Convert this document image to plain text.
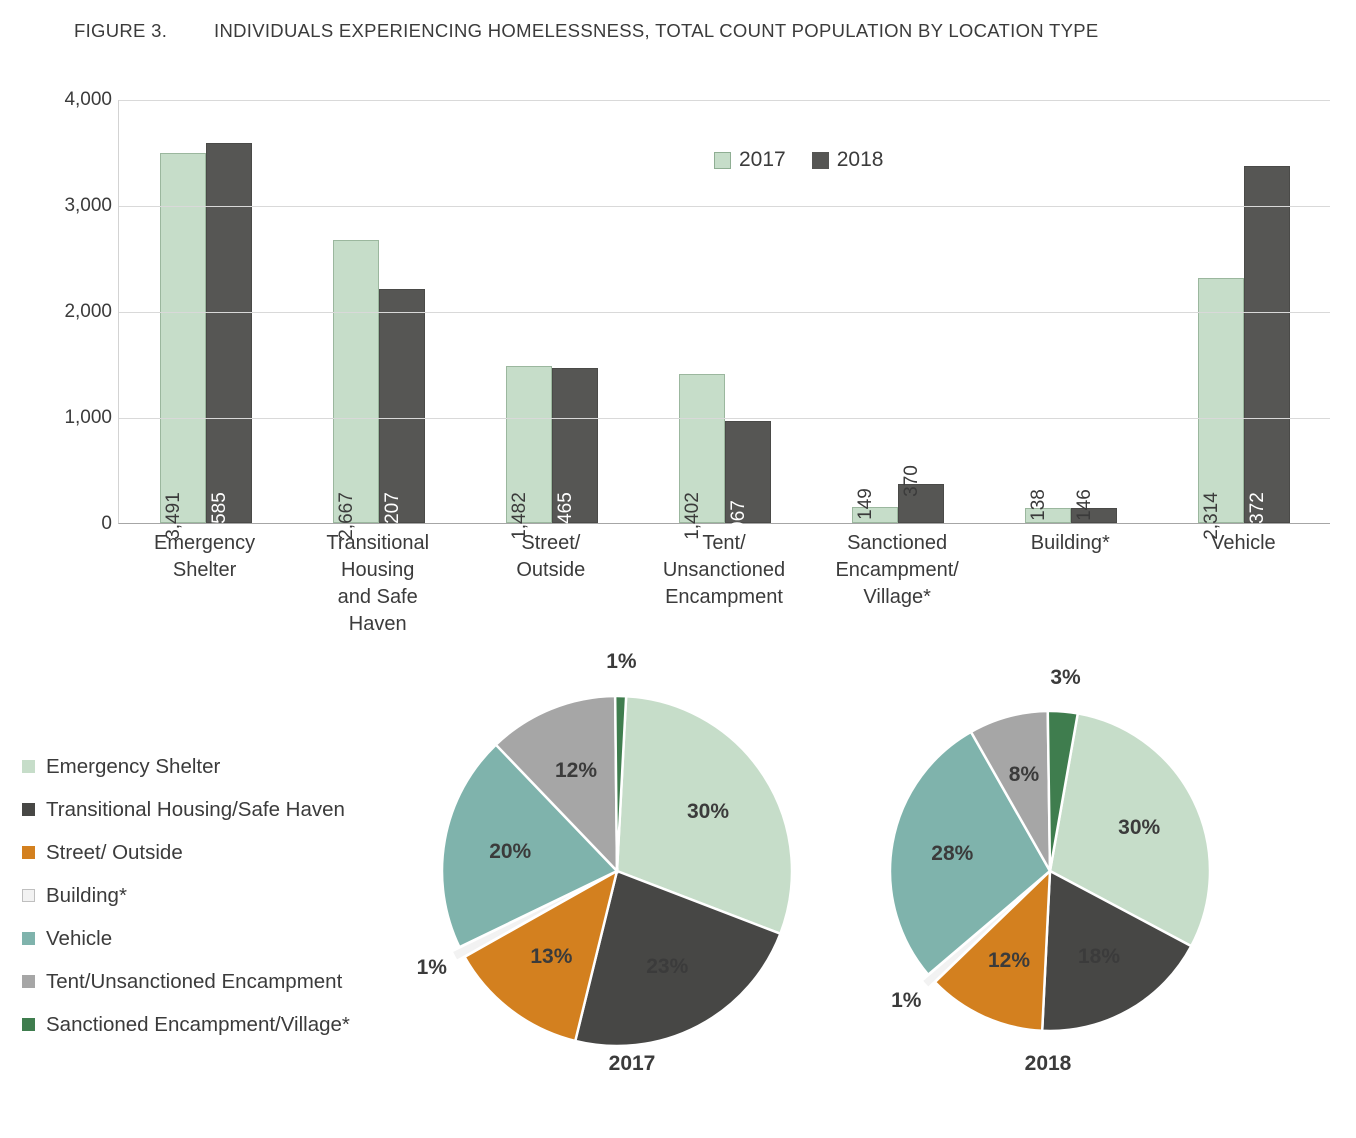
FIGURE 3.	INDIVIDUALS EXPERIENCING HOMELESSNESS, TOTAL COUNT POPULATION BY LOCATION TYPE
0
1,000
2,000
3,000
4,000
2017 2018
3,491 3,585	2,667 2,207	1,482 1,465	1,402 967	149
370
138 146	2,314 3,372
Emergency
Shelter
Transitional
Housing
and Safe
Haven
Street/
Outside
Tent/
Unsanctioned
Encampment
Sanctioned
Encampment/
Village*
Building*	Vehicle
Emergency Shelter
Transitional Housing/Safe Haven
Street/ Outside
Building*
Vehicle
Tent/Unsanctioned Encampment
Sanctioned Encampment/Village*
30%
23%
13%
1%
20%
12%
1%
2017
30%
18%
12%
1%
28%
8%
3%
2018
